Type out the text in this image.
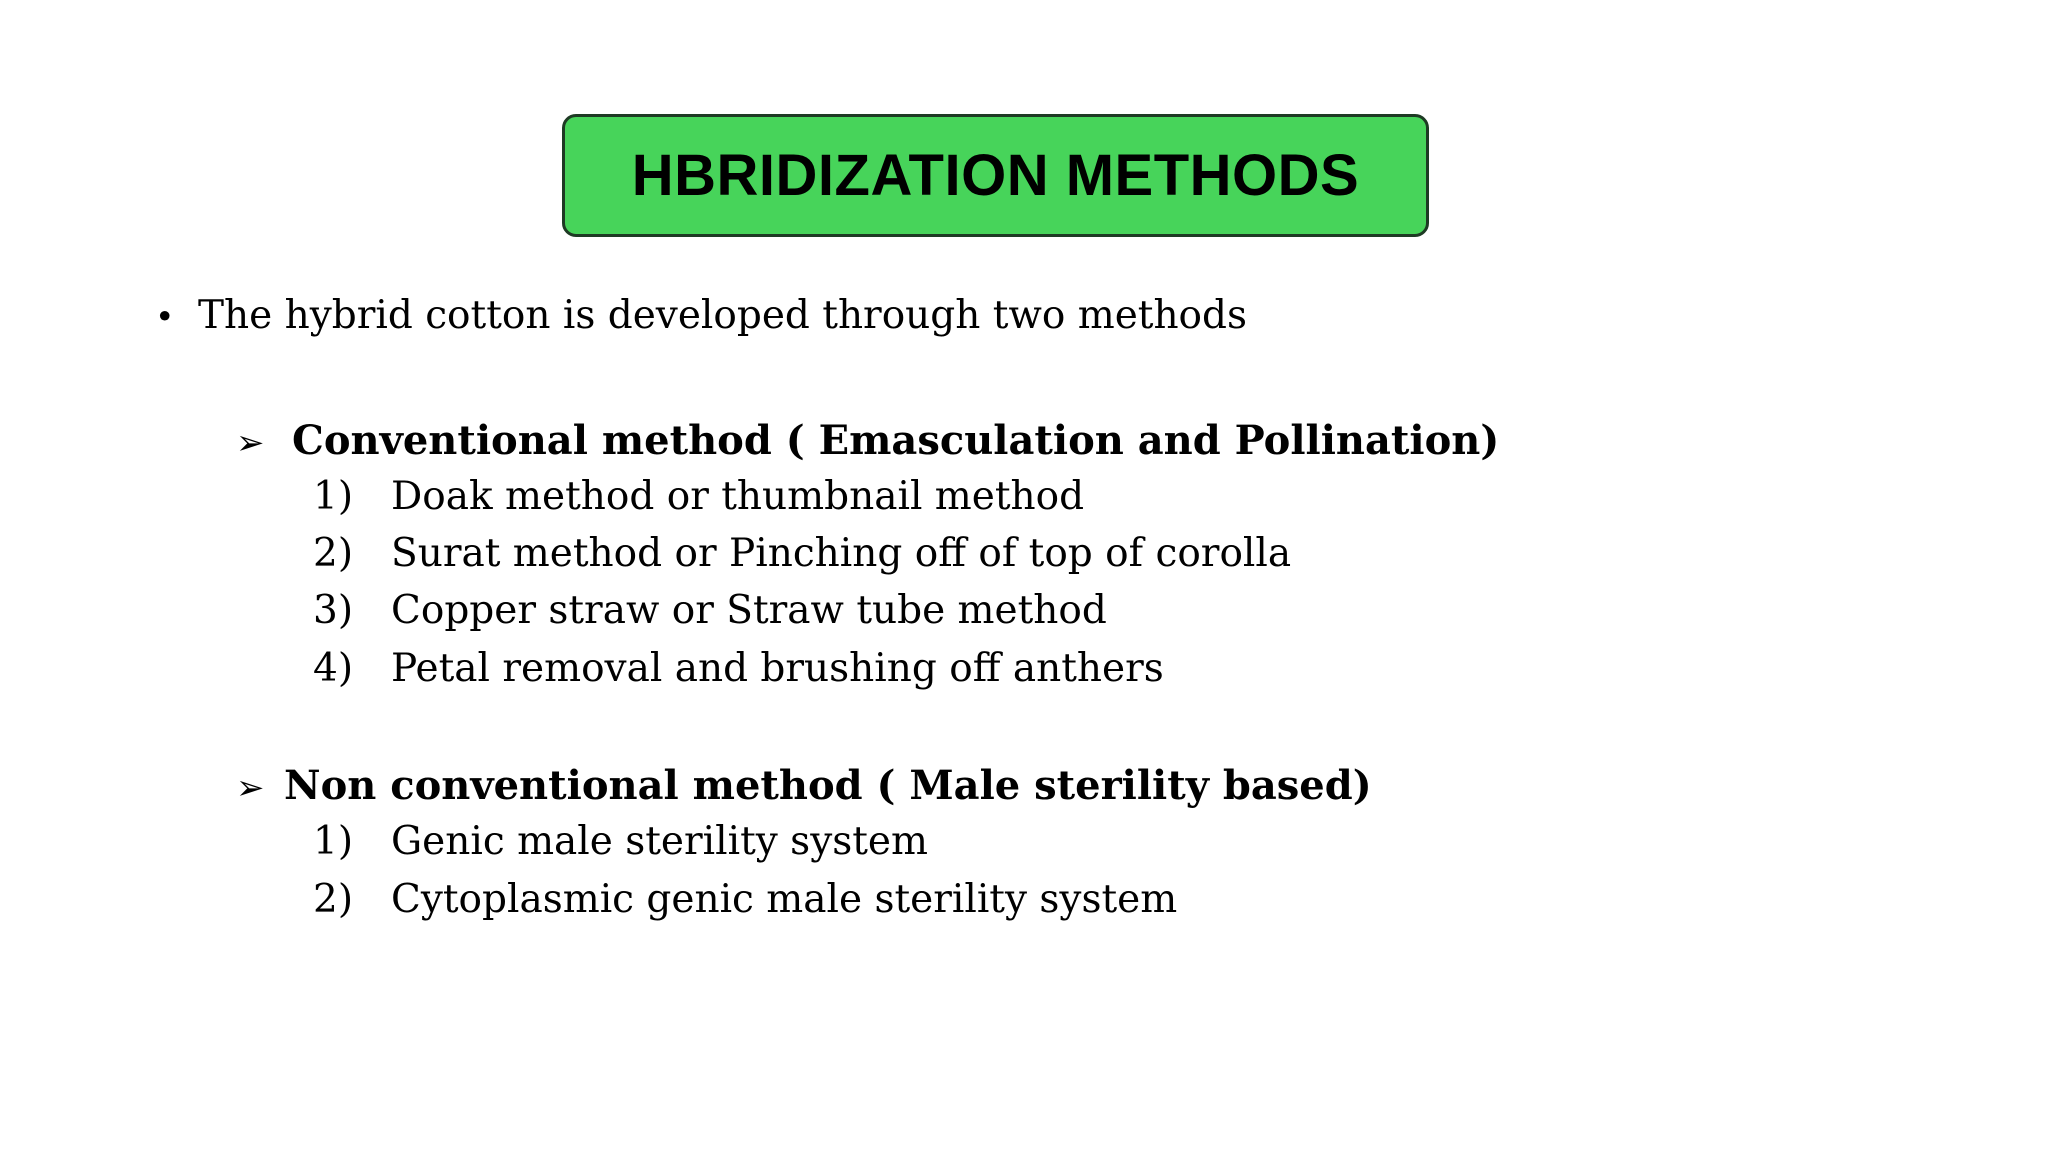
HBRIDIZATION METHODS
• The hybrid cotton is developed through two methods
➢ Conventional method ( Emasculation and Pollination)
1) Doak method or thumbnail method
2) Surat method or Pinching off of top of corolla
3) Copper straw or Straw tube method
4) Petal removal and brushing off anthers
➢ Non conventional method ( Male sterility based)
1) Genic male sterility system
2) Cytoplasmic genic male sterility system
